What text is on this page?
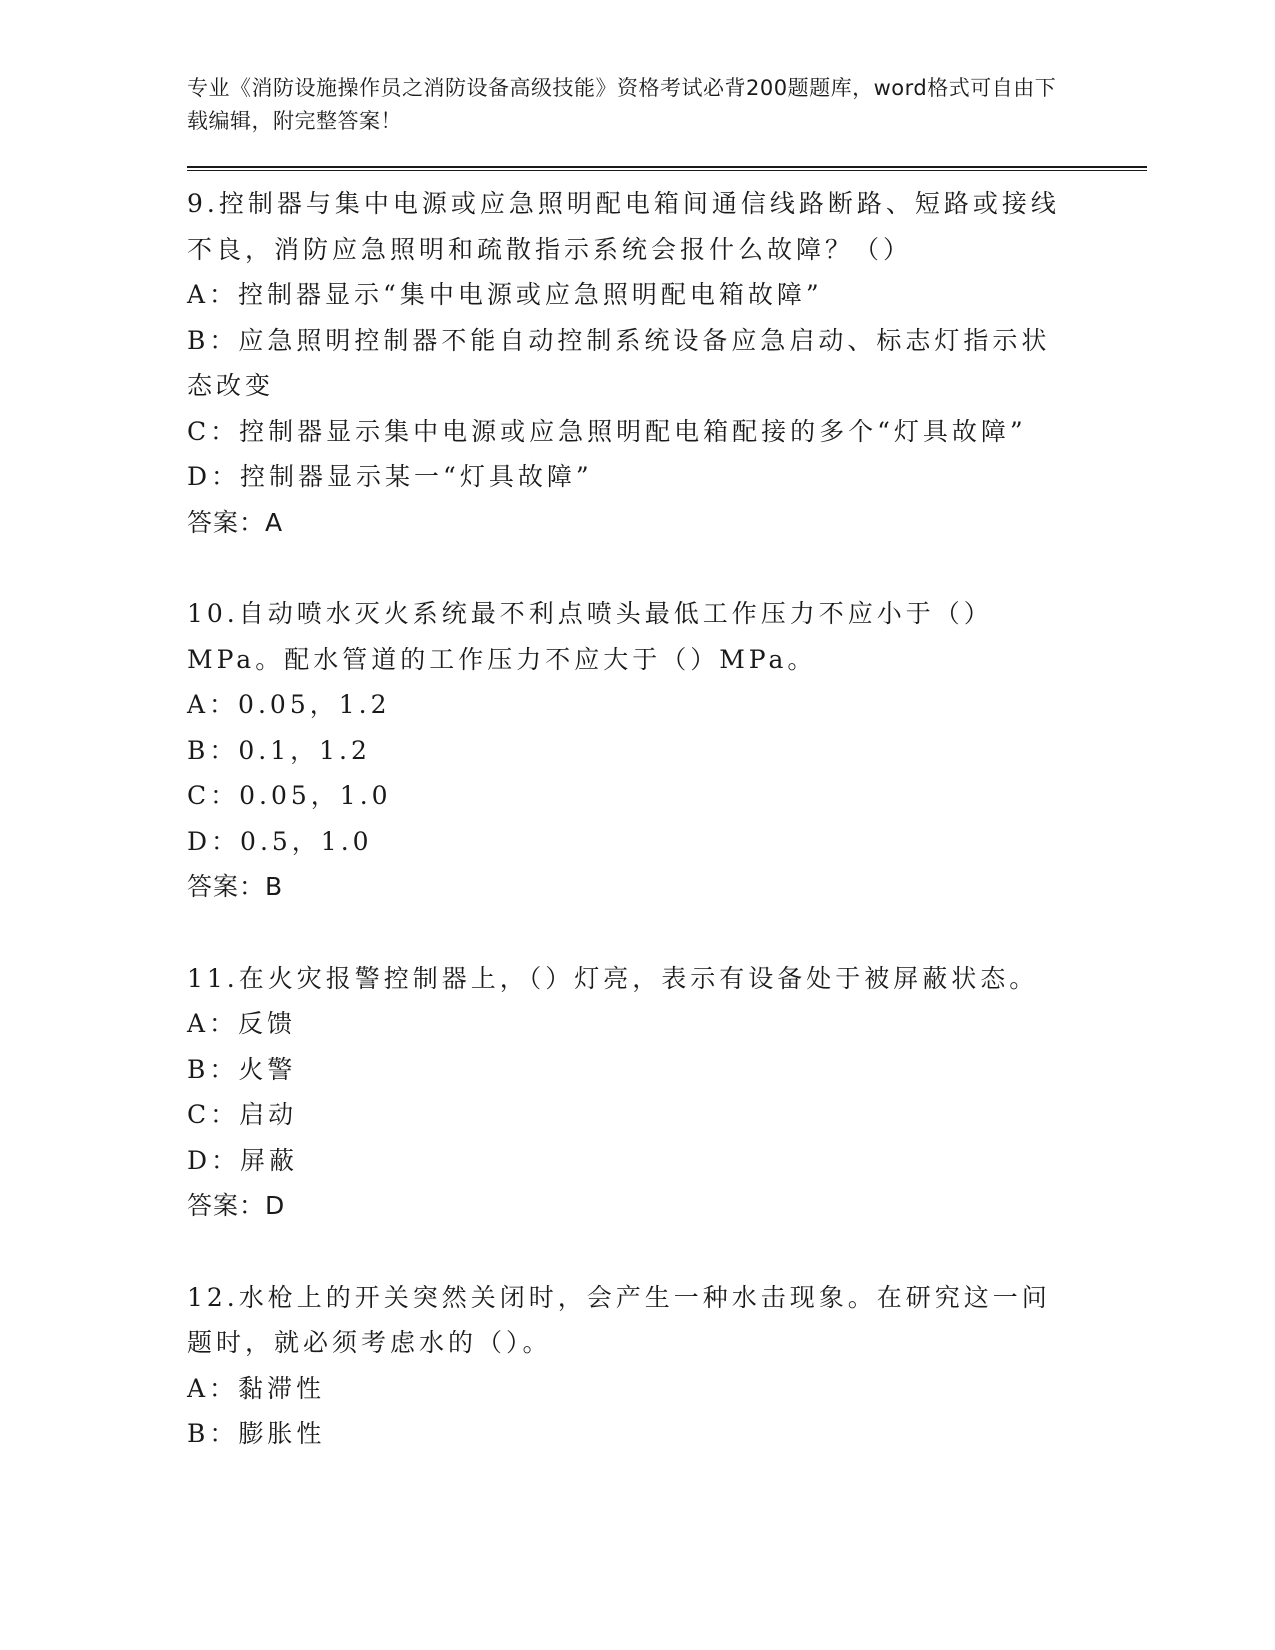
专业《消防设施操作员之消防设备高级技能》资格考试必背200题题库，word格式可自由下载编辑，附完整答案！
9.控制器与集中电源或应急照明配电箱间通信线路断路、短路或接线不良，消防应急照明和疏散指示系统会报什么故障？（）
A：控制器显示“集中电源或应急照明配电箱故障”
B：应急照明控制器不能自动控制系统设备应急启动、标志灯指示状态改变
C：控制器显示集中电源或应急照明配电箱配接的多个“灯具故障”
D：控制器显示某一“灯具故障”
答案：A
10.自动喷水灭火系统最不利点喷头最低工作压力不应小于（）MPa。配水管道的工作压力不应大于（）MPa。
A：0.05，1.2
B：0.1，1.2
C：0.05，1.0
D：0.5，1.0
答案：B
11.在火灾报警控制器上，（）灯亮，表示有设备处于被屏蔽状态。
A：反馈
B：火警
C：启动
D：屏蔽
答案：D
12.水枪上的开关突然关闭时，会产生一种水击现象。在研究这一问题时，就必须考虑水的（）。
A：黏滞性
B：膨胀性
